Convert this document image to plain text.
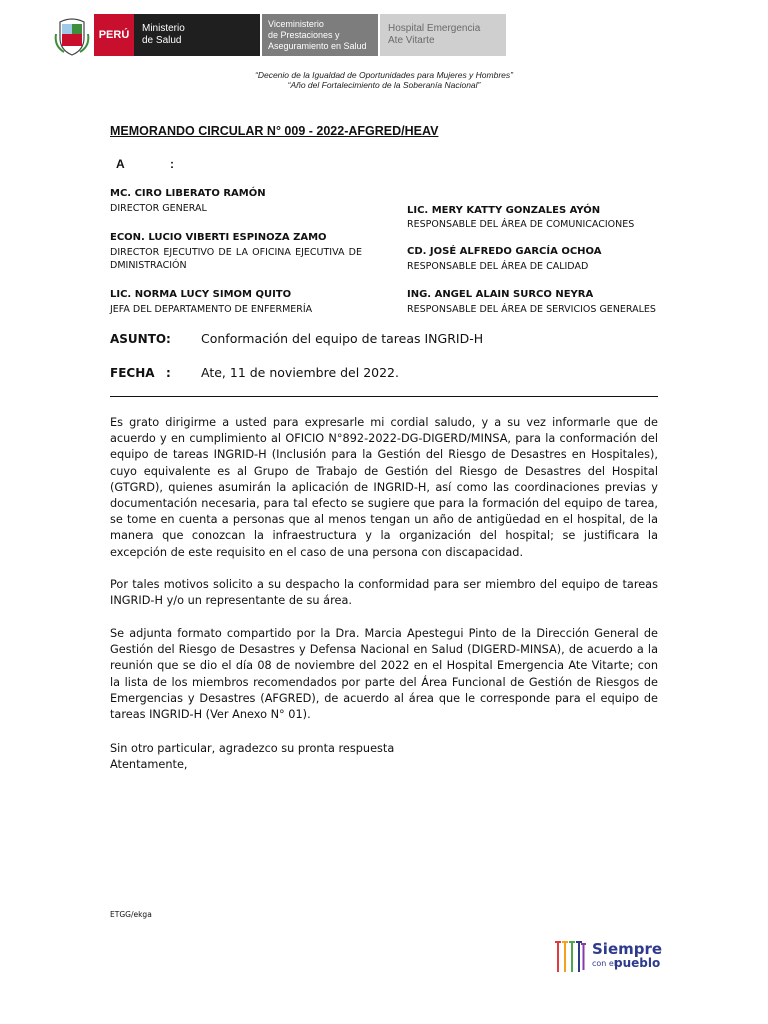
PERÚ
Ministerio
de Salud
Viceministerio
de Prestaciones y
Aseguramiento en Salud
Hospital Emergencia
Ate Vitarte
“Decenio de la Igualdad de Oportunidades para Mujeres y Hombres”
“Año del Fortalecimiento de la Soberanía Nacional”
MEMORANDO CIRCULAR N° 009 - 2022-AFGRED/HEAV
A	:
MC. CIRO LIBERATO RAMÓN
DIRECTOR GENERAL
ECON. LUCIO VIBERTI ESPINOZA ZAMO
DIRECTOR EJECUTIVO DE LA OFICINA EJECUTIVA DE
DMINISTRACIÓN
LIC. NORMA LUCY SIMOM QUITO
JEFA DEL DEPARTAMENTO DE ENFERMERÍA
LIC. MERY KATTY GONZALES AYÓN
RESPONSABLE DEL ÁREA DE COMUNICACIONES
CD. JOSÉ ALFREDO GARCÍA OCHOA
RESPONSABLE DEL ÁREA DE CALIDAD
ING. ANGEL ALAIN SURCO NEYRA
RESPONSABLE DEL ÁREA DE SERVICIOS GENERALES
ASUNTO : Conformación del equipo de tareas INGRID-H
FECHA : Ate, 11 de noviembre del 2022.
Es grato dirigirme a usted para expresarle mi cordial saludo, y a su vez informarle que de acuerdo y en cumplimiento al OFICIO N°892-2022-DG-DIGERD/MINSA, para la conformación del equipo de tareas INGRID-H (Inclusión para la Gestión del Riesgo de Desastres en Hospitales), cuyo equivalente es al Grupo de Trabajo de Gestión del Riesgo de Desastres del Hospital (GTGRD), quienes asumirán la aplicación de INGRID-H, así como las coordinaciones previas y documentación necesaria, para tal efecto se sugiere que para la formación del equipo de tarea, se tome en cuenta a personas que al menos tengan un año de antigüedad en el hospital, de la manera que conozcan la infraestructura y la organización del hospital; se justificara la excepción de este requisito en el caso de una persona con discapacidad.
Por tales motivos solicito a su despacho la conformidad para ser miembro del equipo de tareas INGRID-H y/o un representante de su área.
Se adjunta formato compartido por la Dra. Marcia Apestegui Pinto de la Dirección General de Gestión del Riesgo de Desastres y Defensa Nacional en Salud (DIGERD-MINSA), de acuerdo a la reunión que se dio el día 08 de noviembre del 2022 en el Hospital Emergencia Ate Vitarte; con la lista de los miembros recomendados por parte del Área Funcional de Gestión de Riesgos de Emergencias y Desastres (AFGRED), de acuerdo al área que le corresponde para el equipo de tareas INGRID-H (Ver Anexo N° 01).
Sin otro particular, agradezco su pronta respuesta
Atentamente,
ETGG/ekga
Siempre
con el
pueblo
